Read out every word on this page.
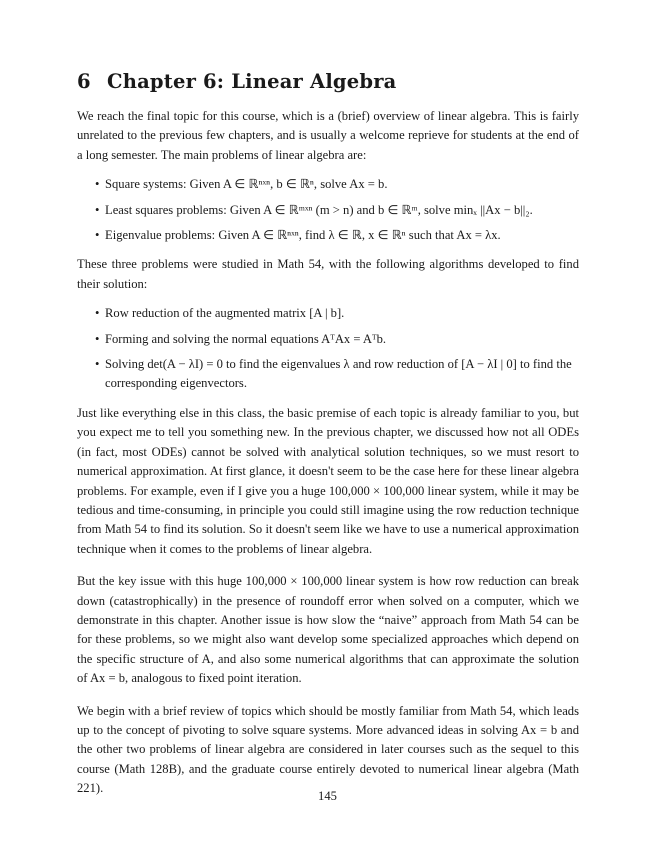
6 Chapter 6: Linear Algebra

We reach the final topic for this course, which is a (brief) overview of linear algebra. This is fairly unrelated to the previous few chapters, and is usually a welcome reprieve for students at the end of a long semester. The main problems of linear algebra are:

• Square systems: Given A ∈ ℝⁿˣⁿ, b ∈ ℝⁿ, solve Ax = b.
• Least squares problems: Given A ∈ ℝᵐˣⁿ (m > n) and b ∈ ℝᵐ, solve minₓ ||Ax − b||₂.
• Eigenvalue problems: Given A ∈ ℝⁿˣⁿ, find λ ∈ ℝ, x ∈ ℝⁿ such that Ax = λx.

These three problems were studied in Math 54, with the following algorithms developed to find their solution:

• Row reduction of the augmented matrix [A | b].
• Forming and solving the normal equations AᵀAx = Aᵀb.
• Solving det(A − λI) = 0 to find the eigenvalues λ and row reduction of [A − λI | 0] to find the corresponding eigenvectors.

Just like everything else in this class, the basic premise of each topic is already familiar to you, but you expect me to tell you something new. In the previous chapter, we discussed how not all ODEs (in fact, most ODEs) cannot be solved with analytical solution techniques, so we must resort to numerical approximation. At first glance, it doesn't seem to be the case here for these linear algebra problems. For example, even if I give you a huge 100,000 × 100,000 linear system, while it may be tedious and time-consuming, in principle you could still imagine using the row reduction technique from Math 54 to find its solution. So it doesn't seem like we have to use a numerical approximation technique when it comes to the problems of linear algebra.

But the key issue with this huge 100,000 × 100,000 linear system is how row reduction can break down (catastrophically) in the presence of roundoff error when solved on a computer, which we demonstrate in this chapter. Another issue is how slow the “naive” approach from Math 54 can be for these problems, so we might also want develop some specialized approaches which depend on the specific structure of A, and also some numerical algorithms that can approximate the solution of Ax = b, analogous to fixed point iteration.

We begin with a brief review of topics which should be mostly familiar from Math 54, which leads up to the concept of pivoting to solve square systems. More advanced ideas in solving Ax = b and the other two problems of linear algebra are considered in later courses such as the sequel to this course (Math 128B), and the graduate course entirely devoted to numerical linear algebra (Math 221).

145
